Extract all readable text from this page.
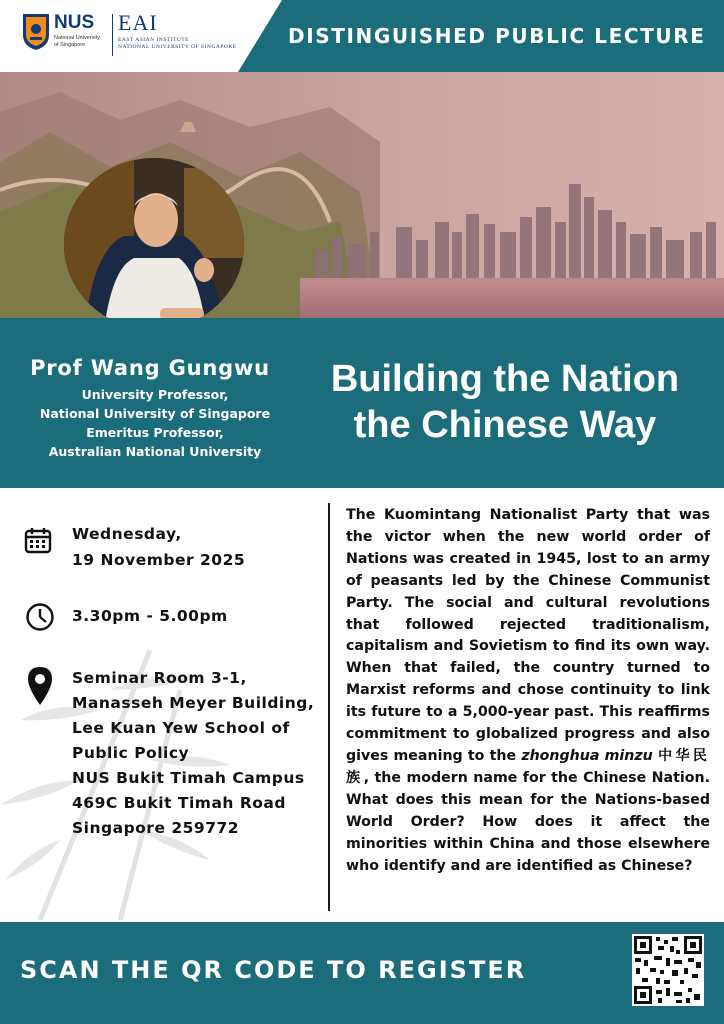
DISTINGUISHED PUBLIC LECTURE
NUS
National University
of Singapore
EAI
EAST ASIAN INSTITUTE
NATIONAL UNIVERSITY OF SINGAPORE
Prof Wang Gungwu
University Professor,
National University of Singapore
Emeritus Professor,
Australian National University
Building the Nation
the Chinese Way
Wednesday,
19 November 2025
3.30pm - 5.00pm
Seminar Room 3-1,
Manasseh Meyer Building,
Lee Kuan Yew School of
Public Policy
NUS Bukit Timah Campus
469C Bukit Timah Road
Singapore 259772
The Kuomintang Nationalist Party that was the victor when the new world order of Nations was created in 1945, lost to an army of peasants led by the Chinese Communist Party. The social and cultural revolutions that followed rejected traditionalism, capitalism and Sovietism to find its own way. When that failed, the country turned to Marxist reforms and chose continuity to link its future to a 5,000-year past. This reaffirms commitment to globalized progress and also gives meaning to the zhonghua minzu 中华民族, the modern name for the Chinese Nation. What does this mean for the Nations-based World Order? How does it affect the minorities within China and those elsewhere who identify and are identified as Chinese?
SCAN THE QR CODE TO REGISTER
